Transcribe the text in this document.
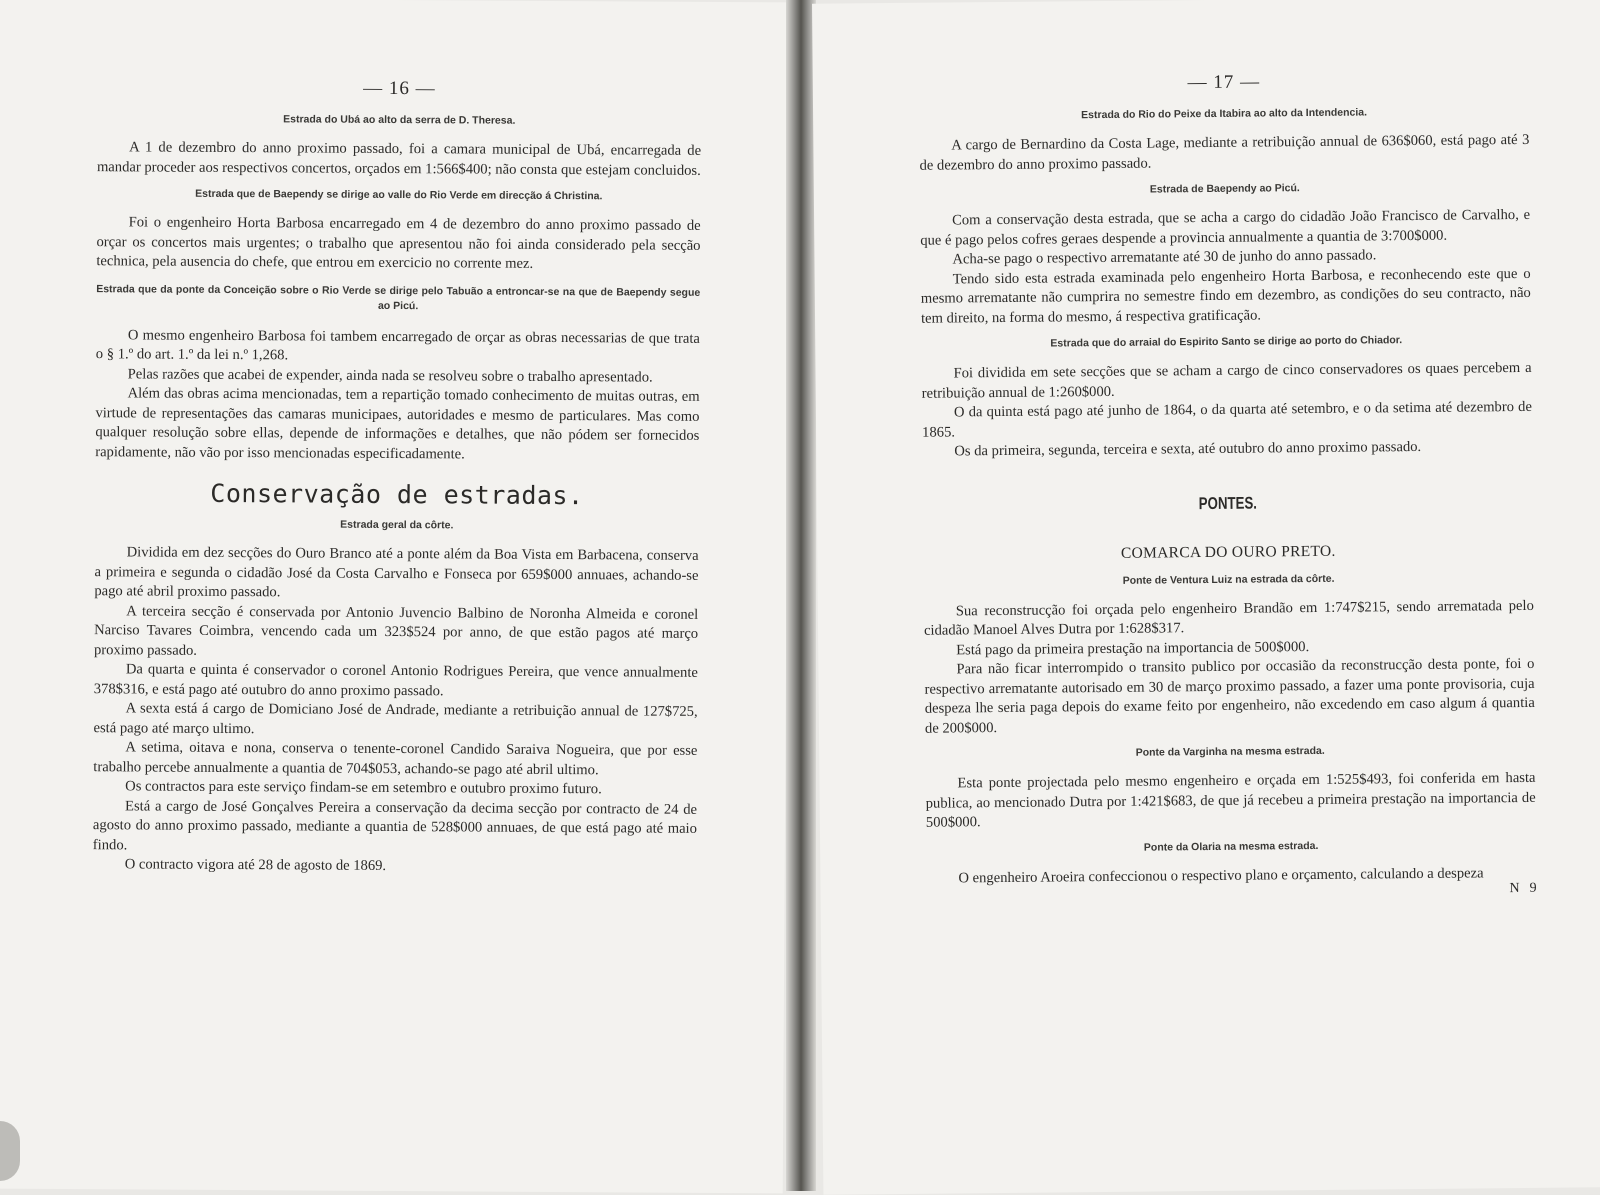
— 16 —
Estrada do Ubá ao alto da serra de D. Theresa.

A 1 de dezembro do anno proximo passado, foi a camara municipal de Ubá, encarregada de mandar proceder aos respectivos concertos, orçados em 1:566$400; não consta que estejam concluidos.

Estrada que de Baependy se dirige ao valle do Rio Verde em direcção á Christina.

Foi o engenheiro Horta Barbosa encarregado em 4 de dezembro do anno proximo passado de orçar os concertos mais urgentes; o trabalho que apresentou não foi ainda considerado pela secção technica, pela ausencia do chefe, que entrou em exercicio no corrente mez.

Estrada que da ponte da Conceição sobre o Rio Verde se dirige pelo Tabuão a entroncar-se na que de Baependy segue ao Picú.

O mesmo engenheiro Barbosa foi tambem encarregado de orçar as obras necessarias de que trata o § 1.º do art. 1.º da lei n.º 1,268.

Pelas razões que acabei de expender, ainda nada se resolveu sobre o trabalho apresentado.

Além das obras acima mencionadas, tem a repartição tomado conhecimento de muitas outras, em virtude de representações das camaras municipaes, autoridades e mesmo de particulares. Mas como qualquer resolução sobre ellas, depende de informações e detalhes, que não pódem ser fornecidos rapidamente, não vão por isso mencionadas especificadamente.

Conservação de estradas.
Estrada geral da côrte.

Dividida em dez secções do Ouro Branco até a ponte além da Boa Vista em Barbacena, conserva a primeira e segunda o cidadão José da Costa Carvalho e Fonseca por 659$000 annuaes, achando-se pago até abril proximo passado.

A terceira secção é conservada por Antonio Juvencio Balbino de Noronha Almeida e coronel Narciso Tavares Coimbra, vencendo cada um 323$524 por anno, de que estão pagos até março proximo passado.

Da quarta e quinta é conservador o coronel Antonio Rodrigues Pereira, que vence annualmente 378$316, e está pago até outubro do anno proximo passado.

A sexta está á cargo de Domiciano José de Andrade, mediante a retribuição annual de 127$725, está pago até março ultimo.

A setima, oitava e nona, conserva o tenente-coronel Candido Saraiva Nogueira, que por esse trabalho percebe annualmente a quantia de 704$053, achando-se pago até abril ultimo.

Os contractos para este serviço findam-se em setembro e outubro proximo futuro.

Está a cargo de José Gonçalves Pereira a conservação da decima secção por contracto de 24 de agosto do anno proximo passado, mediante a quantia de 528$000 annuaes, de que está pago até maio findo.

O contracto vigora até 28 de agosto de 1869.

— 17 —
Estrada do Rio do Peixe da Itabira ao alto da Intendencia.

A cargo de Bernardino da Costa Lage, mediante a retribuição annual de 636$060, está pago até 3 de dezembro do anno proximo passado.

Estrada de Baependy ao Picú.

Com a conservação desta estrada, que se acha a cargo do cidadão João Francisco de Carvalho, e que é pago pelos cofres geraes despende a provincia annualmente a quantia de 3:700$000.

Acha-se pago o respectivo arrematante até 30 de junho do anno passado.

Tendo sido esta estrada examinada pelo engenheiro Horta Barbosa, e reconhecendo este que o mesmo arrematante não cumprira no semestre findo em dezembro, as condições do seu contracto, não tem direito, na forma do mesmo, á respectiva gratificação.

Estrada que do arraial do Espirito Santo se dirige ao porto do Chiador.

Foi dividida em sete secções que se acham a cargo de cinco conservadores os quaes percebem a retribuição annual de 1:260$000.

O da quinta está pago até junho de 1864, o da quarta até setembro, e o da setima até dezembro de 1865.

Os da primeira, segunda, terceira e sexta, até outubro do anno proximo passado.

PONTES.
COMARCA DO OURO PRETO.
Ponte de Ventura Luiz na estrada da côrte.

Sua reconstrucção foi orçada pelo engenheiro Brandão em 1:747$215, sendo arrematada pelo cidadão Manoel Alves Dutra por 1:628$317.

Está pago da primeira prestação na importancia de 500$000.

Para não ficar interrompido o transito publico por occasião da reconstrucção desta ponte, foi o respectivo arrematante autorisado em 30 de março proximo passado, a fazer uma ponte provisoria, cuja despeza lhe seria paga depois do exame feito por engenheiro, não excedendo em caso algum á quantia de 200$000.

Ponte da Varginha na mesma estrada.

Esta ponte projectada pelo mesmo engenheiro e orçada em 1:525$493, foi conferida em hasta publica, ao mencionado Dutra por 1:421$683, de que já recebeu a primeira prestação na importancia de 500$000.

Ponte da Olaria na mesma estrada.

O engenheiro Aroeira confeccionou o respectivo plano e orçamento, calculando a despeza

N 9
